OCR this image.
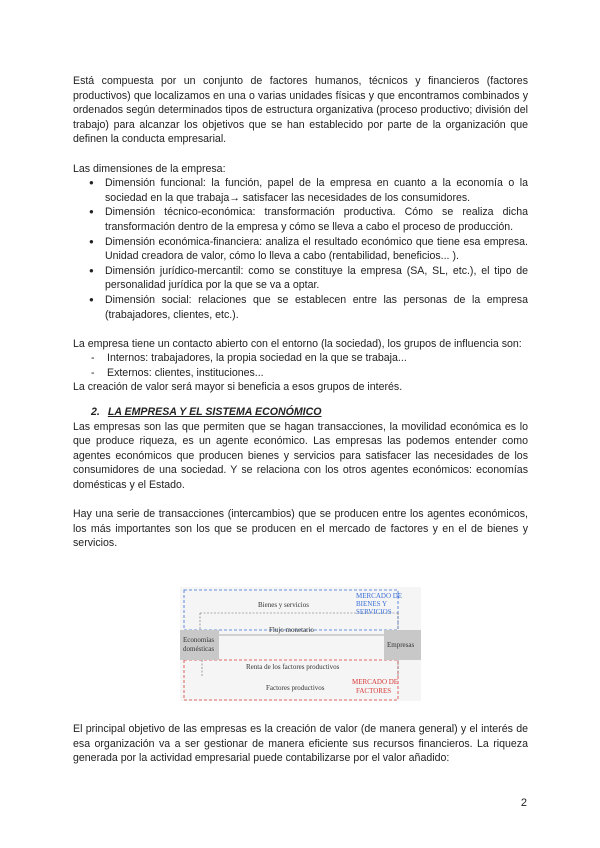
Está compuesta por un conjunto de factores humanos, técnicos y financieros (factores productivos) que localizamos en una o varias unidades físicas y que encontramos combinados y ordenados según determinados tipos de estructura organizativa (proceso productivo; división del trabajo) para alcanzar los objetivos que se han establecido por parte de la organización que definen la conducta empresarial.

Las dimensiones de la empresa:

● Dimensión funcional: la función, papel de la empresa en cuanto a la economía o la sociedad en la que trabaja→ satisfacer las necesidades de los consumidores.
● Dimensión técnico-económica: transformación productiva. Cómo se realiza dicha transformación dentro de la empresa y cómo se lleva a cabo el proceso de producción.
● Dimensión económica-financiera: analiza el resultado económico que tiene esa empresa. Unidad creadora de valor, cómo lo lleva a cabo (rentabilidad, beneficios... ).
● Dimensión jurídico-mercantil: como se constituye la empresa (SA, SL, etc.), el tipo de personalidad jurídica por la que se va a optar.
● Dimensión social: relaciones que se establecen entre las personas de la empresa (trabajadores, clientes, etc.).

La empresa tiene un contacto abierto con el entorno (la sociedad), los grupos de influencia son:

- Internos: trabajadores, la propia sociedad en la que se trabaja...
- Externos: clientes, instituciones...

La creación de valor será mayor si beneficia a esos grupos de interés.

2. LA EMPRESA Y EL SISTEMA ECONÓMICO

Las empresas son las que permiten que se hagan transacciones, la movilidad económica es lo que produce riqueza, es un agente económico. Las empresas las podemos entender como agentes económicos que producen bienes y servicios para satisfacer las necesidades de los consumidores de una sociedad. Y se relaciona con los otros agentes económicos: economías domésticas y el Estado.

Hay una serie de transacciones (intercambios) que se producen entre los agentes económicos, los más importantes son los que se producen en el mercado de factores y en el de bienes y servicios.

Bienes y servicios
MERCADO DE
BIENES Y
SERVICIOS
Flujo monetario
Economías
domésticas	Empresas
Renta de los factores productivos
Factores productivos
MERCADO DE
FACTORES

El principal objetivo de las empresas es la creación de valor (de manera general) y el interés de esa organización va a ser gestionar de manera eficiente sus recursos financieros. La riqueza generada por la actividad empresarial puede contabilizarse por el valor añadido:

2
